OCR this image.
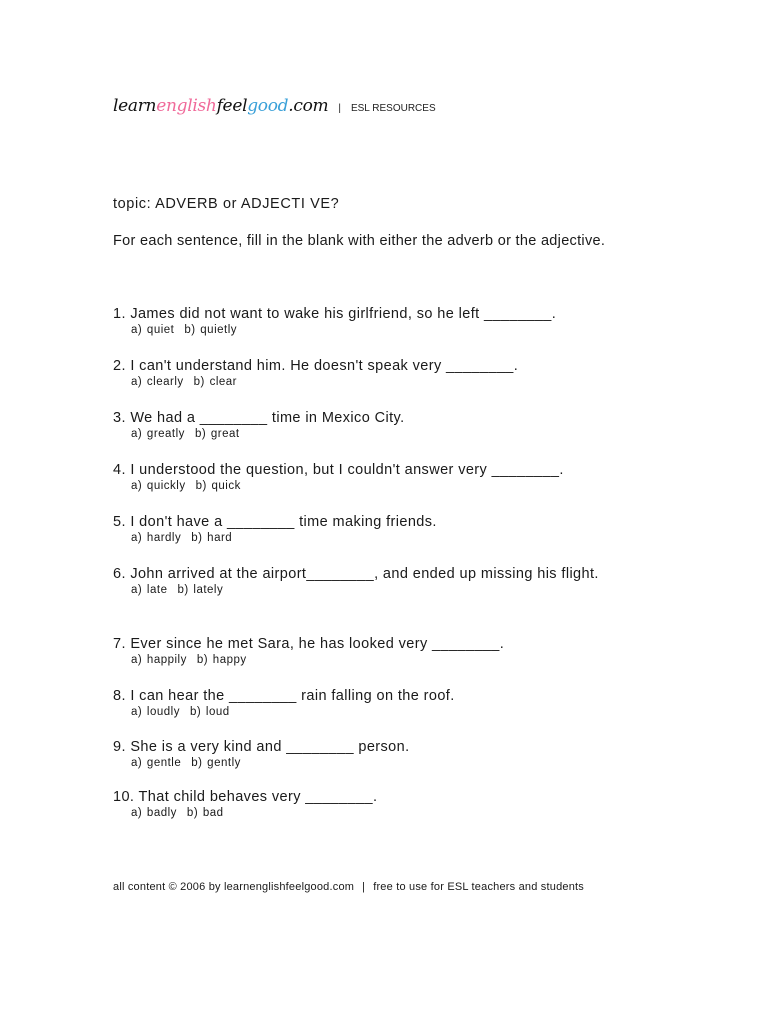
learnenglishfeelgood.com | ESL RESOURCES
topic: ADVERB or ADJECTI VE?
For each sentence, fill in the blank with either the adverb or the adjective.
1. James did not want to wake his girlfriend, so he left ________.
a) quiet b) quietly
2. I can't understand him. He doesn't speak very ________.
a) clearly b) clear
3. We had a ________ time in Mexico City.
a) greatly b) great
4. I understood the question, but I couldn't answer very ________.
a) quickly b) quick
5. I don't have a ________ time making friends.
a) hardly b) hard
6. John arrived at the airport________, and ended up missing his flight.
a) late b) lately
7. Ever since he met Sara, he has looked very ________.
a) happily b) happy
8. I can hear the ________ rain falling on the roof.
a) loudly b) loud
9. She is a very kind and ________ person.
a) gentle b) gently
10. That child behaves very ________.
a) badly b) bad
all content © 2006 by learnenglishfeelgood.com | free to use for ESL teachers and students
